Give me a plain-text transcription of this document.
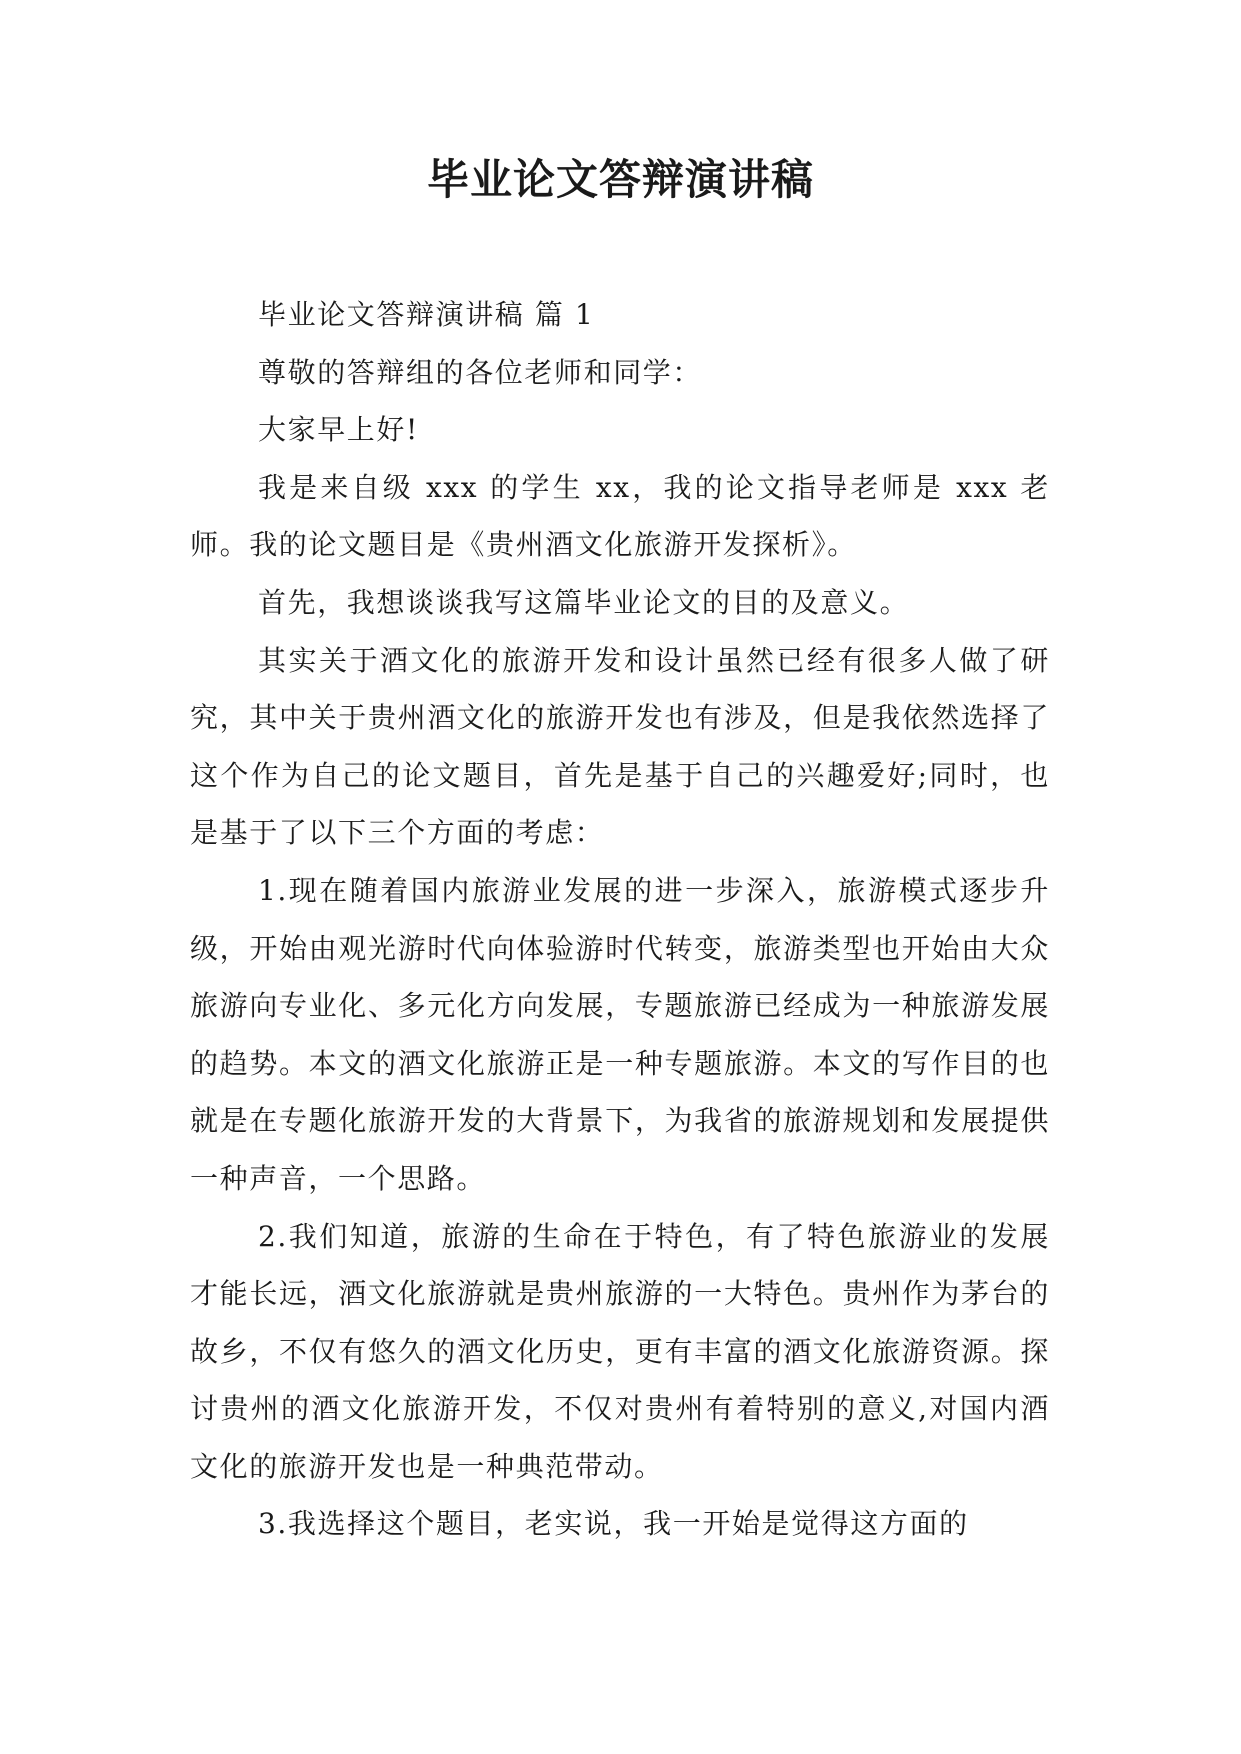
毕业论文答辩演讲稿

毕业论文答辩演讲稿 篇 1

尊敬的答辩组的各位老师和同学：

大家早上好!

我是来自级 xxx 的学生 xx，我的论文指导老师是 xxx 老师。我的论文题目是《贵州酒文化旅游开发探析》。

首先，我想谈谈我写这篇毕业论文的目的及意义。

其实关于酒文化的旅游开发和设计虽然已经有很多人做了研究，其中关于贵州酒文化的旅游开发也有涉及，但是我依然选择了这个作为自己的论文题目，首先是基于自己的兴趣爱好;同时，也是基于了以下三个方面的考虑：

1.现在随着国内旅游业发展的进一步深入，旅游模式逐步升级，开始由观光游时代向体验游时代转变，旅游类型也开始由大众旅游向专业化、多元化方向发展，专题旅游已经成为一种旅游发展的趋势。本文的酒文化旅游正是一种专题旅游。本文的写作目的也就是在专题化旅游开发的大背景下，为我省的旅游规划和发展提供一种声音，一个思路。

2.我们知道，旅游的生命在于特色，有了特色旅游业的发展才能长远，酒文化旅游就是贵州旅游的一大特色。贵州作为茅台的故乡，不仅有悠久的酒文化历史，更有丰富的酒文化旅游资源。探讨贵州的酒文化旅游开发，不仅对贵州有着特别的意义,对国内酒文化的旅游开发也是一种典范带动。

3.我选择这个题目，老实说，我一开始是觉得这方面的
